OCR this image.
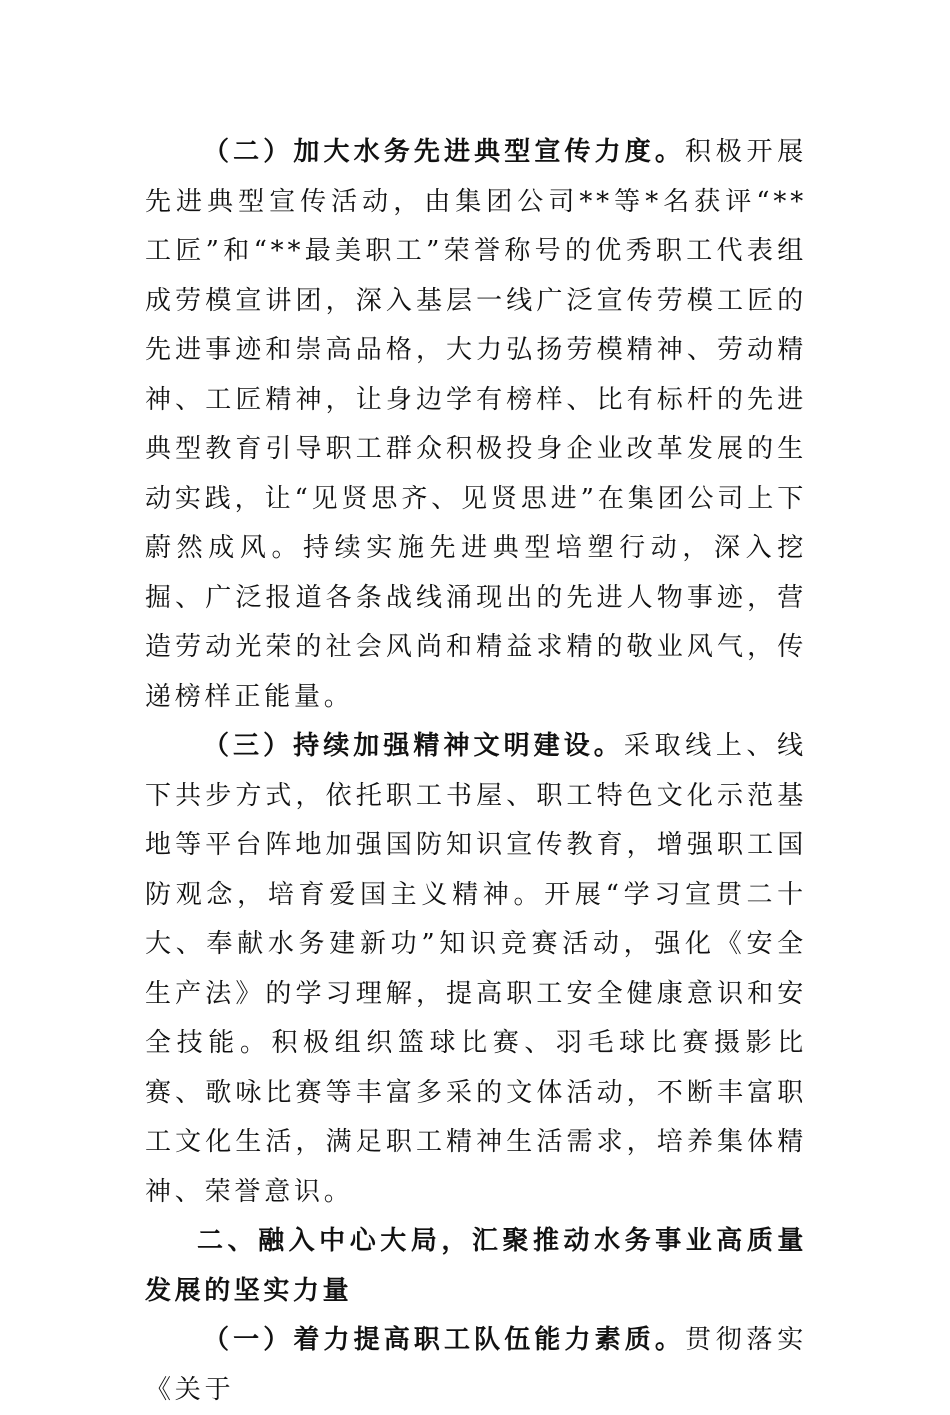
（二）加大水务先进典型宣传力度。积极开展先进典型宣传活动，由集团公司**等*名获评“**工匠”和“**最美职工”荣誉称号的优秀职工代表组成劳模宣讲团，深入基层一线广泛宣传劳模工匠的先进事迹和崇高品格，大力弘扬劳模精神、劳动精神、工匠精神，让身边学有榜样、比有标杆的先进典型教育引导职工群众积极投身企业改革发展的生动实践，让“见贤思齐、见贤思进”在集团公司上下蔚然成风。持续实施先进典型培塑行动，深入挖掘、广泛报道各条战线涌现出的先进人物事迹，营造劳动光荣的社会风尚和精益求精的敬业风气，传递榜样正能量。

（三）持续加强精神文明建设。采取线上、线下共步方式，依托职工书屋、职工特色文化示范基地等平台阵地加强国防知识宣传教育，增强职工国防观念，培育爱国主义精神。开展“学习宣贯二十大、奉献水务建新功”知识竞赛活动，强化《安全生产法》的学习理解，提高职工安全健康意识和安全技能。积极组织篮球比赛、羽毛球比赛摄影比赛、歌咏比赛等丰富多采的文体活动，不断丰富职工文化生活，满足职工精神生活需求，培养集体精神、荣誉意识。

二、融入中心大局，汇聚推动水务事业高质量发展的坚实力量

（一）着力提高职工队伍能力素质。贯彻落实《关于
